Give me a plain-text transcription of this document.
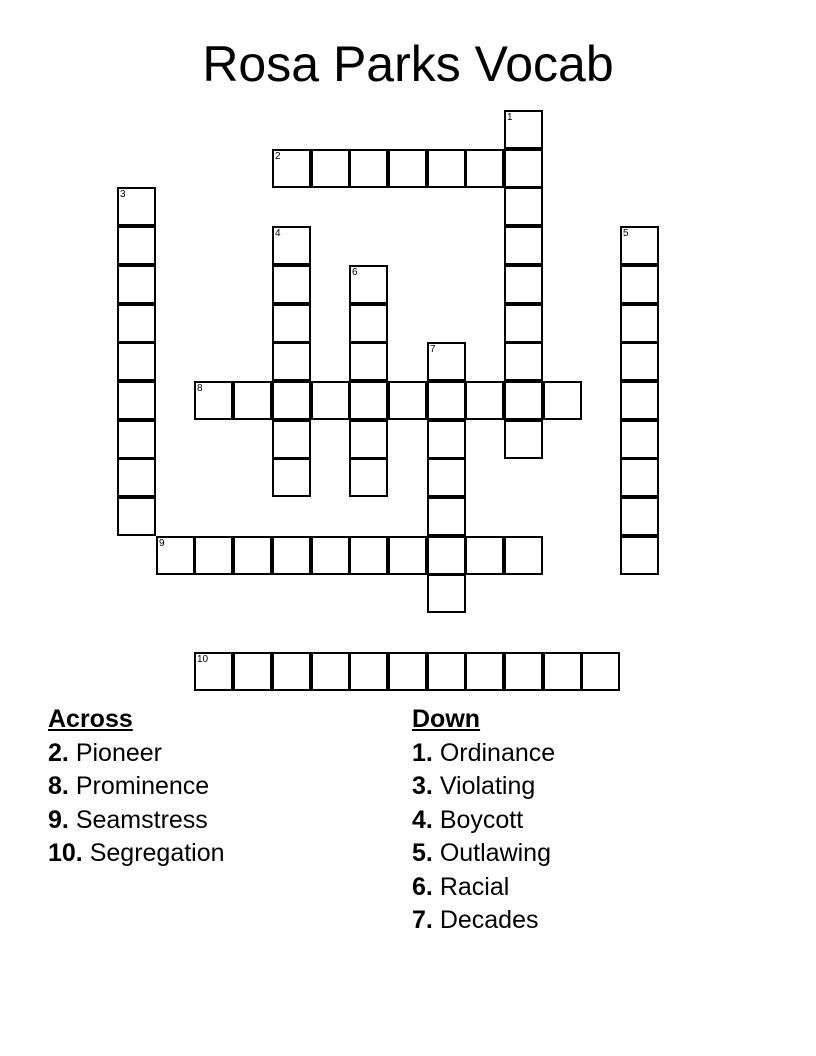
Rosa Parks Vocab
1
2
3
4	5
6
7
8
9
10
Across
2. Pioneer
8. Prominence
9. Seamstress
10. Segregation
Down
1. Ordinance
3. Violating
4. Boycott
5. Outlawing
6. Racial
7. Decades
